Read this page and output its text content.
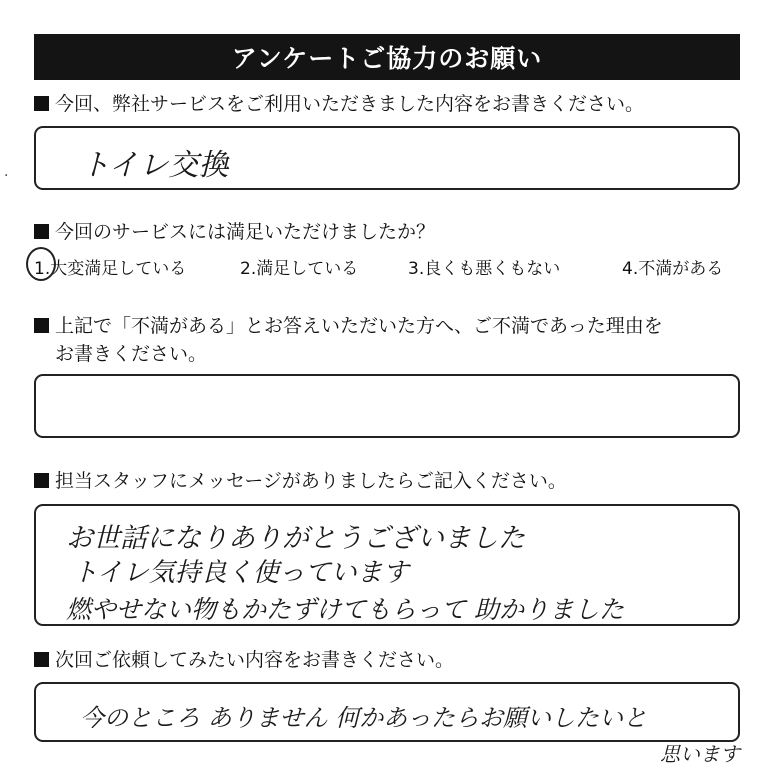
アンケートご協力のお願い
今回、弊社サービスをご利用いただきました内容をお書きください。
トイレ交換
·
今回のサービスには満足いただけましたか？
1.大変満足している	2.満足している	3.良くも悪くもない	4.不満がある
上記で「不満がある」とお答えいただいた方へ、ご不満であった理由を
お書きください。
担当スタッフにメッセージがありましたらご記入ください。
お世話になりありがとうございました
トイレ気持良く使っています
燃やせない物もかたずけてもらって 助かりました
次回ご依頼してみたい内容をお書きください。
今のところ ありません 何かあったらお願いしたいと
思います
